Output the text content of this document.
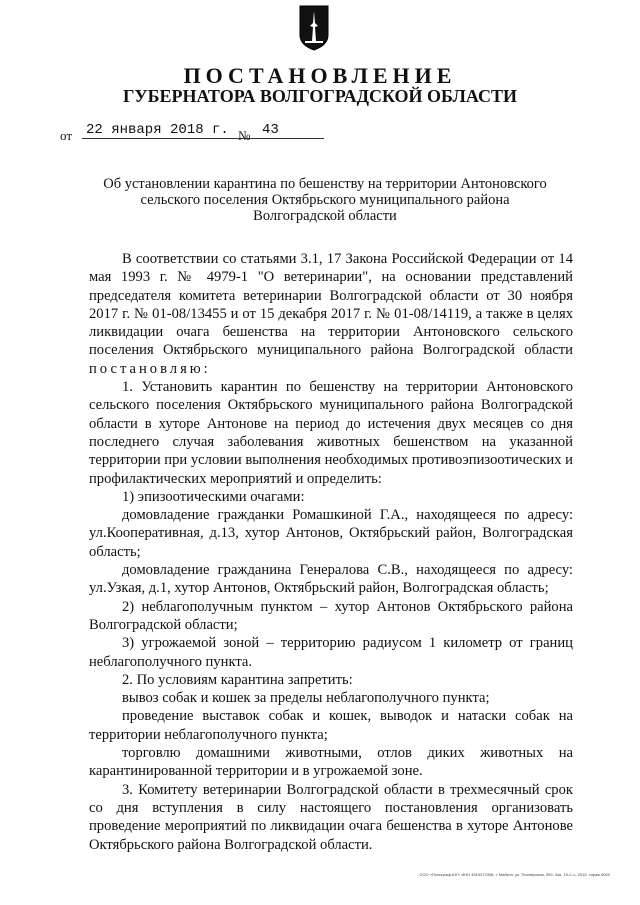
ПОСТАНОВЛЕНИЕ
ГУБЕРНАТОРА ВОЛГОГРАДСКОЙ ОБЛАСТИ
от 22 января 2018 г. № 43
Об установлении карантина по бешенству на территории Антоновского сельского поселения Октябрьского муниципального района Волгоградской области

В соответствии со статьями 3.1, 17 Закона Российской Федерации от 14 мая 1993 г. № 4979-1 "О ветеринарии", на основании представлений председателя комитета ветеринарии Волгоградской области от 30 ноября 2017 г. № 01-08/13455 и от 15 декабря 2017 г. № 01-08/14119, а также в целях ликвидации очага бешенства на территории Антоновского сельского поселения Октябрьского муниципального района Волгоградской области постановляю:

1. Установить карантин по бешенству на территории Антоновского сельского поселения Октябрьского муниципального района Волгоградской области в хуторе Антонове на период до истечения двух месяцев со дня последнего случая заболевания животных бешенством на указанной территории при условии выполнения необходимых противоэпизоотических и профилактических мероприятий и определить:

1) эпизоотическими очагами:

домовладение гражданки Ромашкиной Г.А., находящееся по адресу: ул.Кооперативная, д.13, хутор Антонов, Октябрьский район, Волгоградская область;

домовладение гражданина Генералова С.В., находящееся по адресу: ул.Узкая, д.1, хутор Антонов, Октябрьский район, Волгоградская область;

2) неблагополучным пунктом – хутор Антонов Октябрьского района Волгоградской области;

3) угрожаемой зоной – территорию радиусом 1 километр от границ неблагополучного пункта.

2. По условиям карантина запретить:

вывоз собак и кошек за пределы неблагополучного пункта;

проведение выставок собак и кошек, выводок и натаски собак на территории неблагополучного пункта;

торговлю домашними животными, отлов диких животных на карантинированной территории и в угрожаемой зоне.

3. Комитету ветеринарии Волгоградской области в трехмесячный срок со дня вступления в силу настоящего постановления организовать проведение мероприятий по ликвидации очага бешенства в хуторе Антонове Октябрьского района Волгоградской области.

ООО «Полиграф-ЮГ» ИНН 3919372398, г. Майкоп, ул. Пионерская, 399. Зак. 19-С-с. 2015. тираж 5000
